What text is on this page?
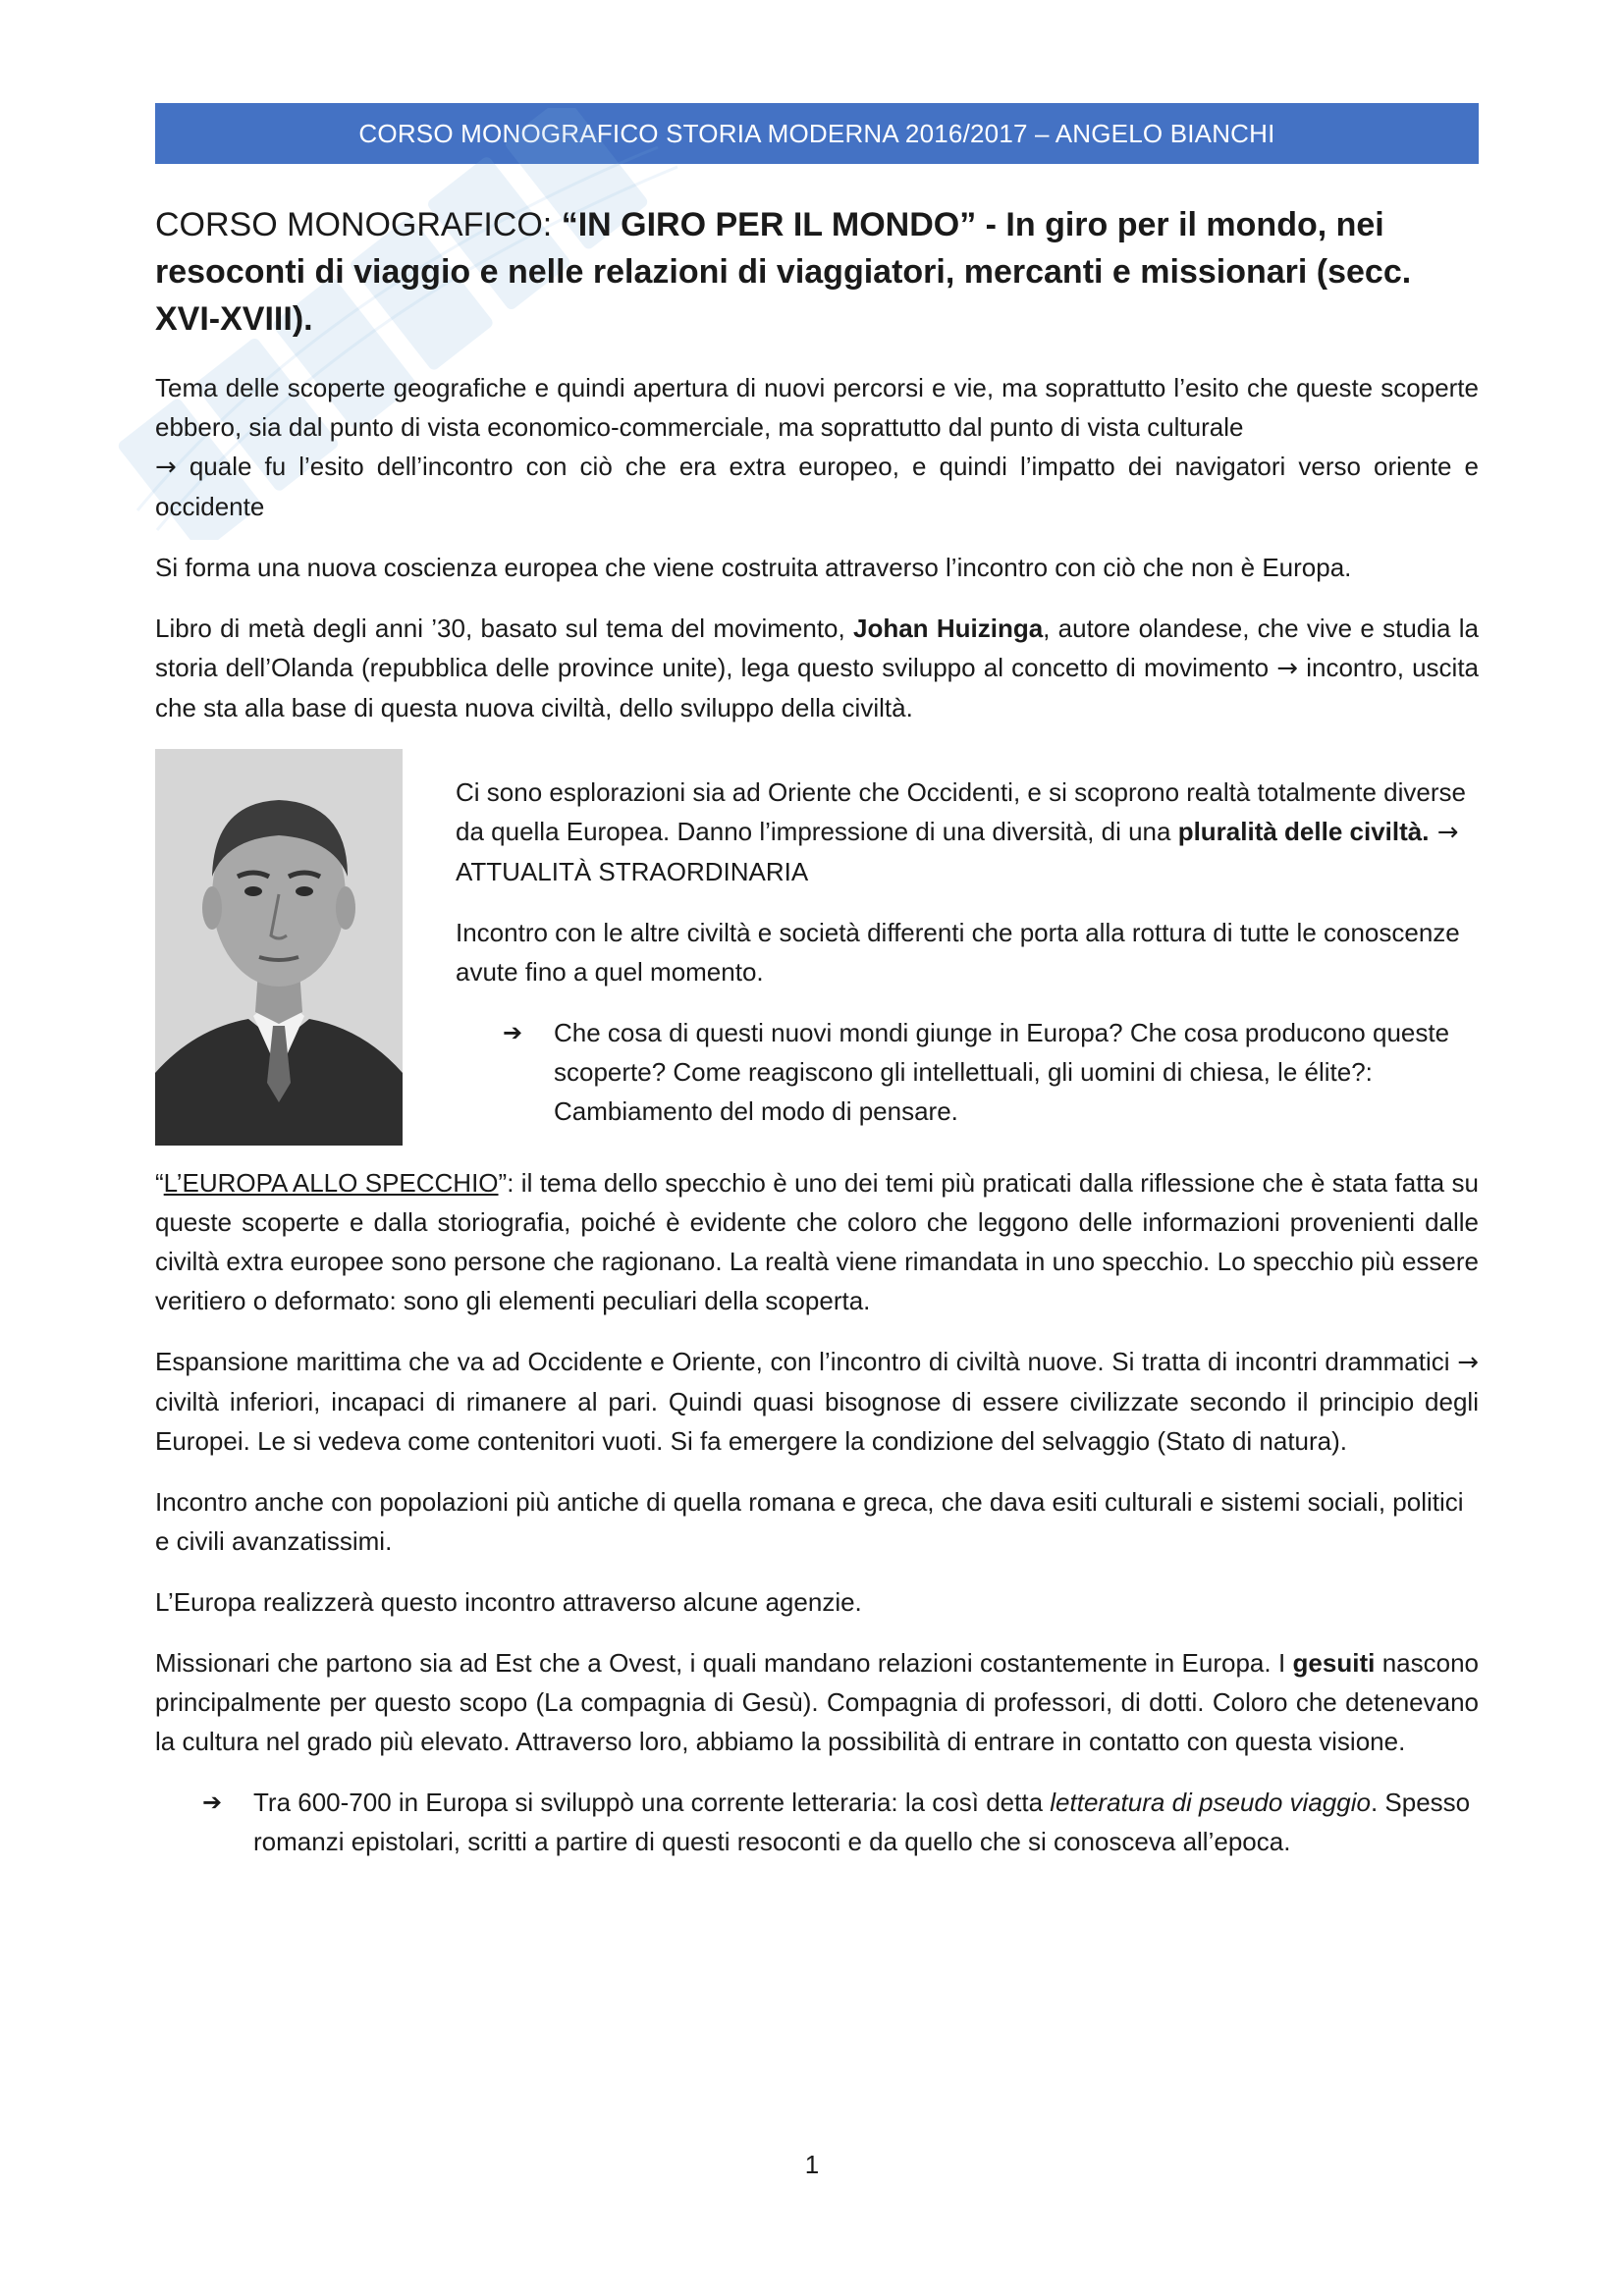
CORSO MONOGRAFICO STORIA MODERNA 2016/2017 – ANGELO BIANCHI
CORSO MONOGRAFICO: “IN GIRO PER IL MONDO” - In giro per il mondo, nei resoconti di viaggio e nelle relazioni di viaggiatori, mercanti e missionari (secc. XVI-XVIII).

Tema delle scoperte geografiche e quindi apertura di nuovi percorsi e vie, ma soprattutto l’esito che queste scoperte ebbero, sia dal punto di vista economico-commerciale, ma soprattutto dal punto di vista culturale
→ quale fu l’esito dell’incontro con ciò che era extra europeo, e quindi l’impatto dei navigatori verso oriente e occidente

Si forma una nuova coscienza europea che viene costruita attraverso l’incontro con ciò che non è Europa.

Libro di metà degli anni ’30, basato sul tema del movimento, Johan Huizinga, autore olandese, che vive e studia la storia dell’Olanda (repubblica delle province unite), lega questo sviluppo al concetto di movimento → incontro, uscita che sta alla base di questa nuova civiltà, dello sviluppo della civiltà.

Ci sono esplorazioni sia ad Oriente che Occidenti, e si scoprono realtà totalmente diverse da quella Europea. Danno l’impressione di una diversità, di una pluralità delle civiltà. → ATTUALITÀ STRAORDINARIA

Incontro con le altre civiltà e società differenti che porta alla rottura di tutte le conoscenze avute fino a quel momento.

➔ Che cosa di questi nuovi mondi giunge in Europa? Che cosa producono queste scoperte? Come reagiscono gli intellettuali, gli uomini di chiesa, le élite?: Cambiamento del modo di pensare.

“L’EUROPA ALLO SPECCHIO”: il tema dello specchio è uno dei temi più praticati dalla riflessione che è stata fatta su queste scoperte e dalla storiografia, poiché è evidente che coloro che leggono delle informazioni provenienti dalle civiltà extra europee sono persone che ragionano. La realtà viene rimandata in uno specchio. Lo specchio più essere veritiero o deformato: sono gli elementi peculiari della scoperta.

Espansione marittima che va ad Occidente e Oriente, con l’incontro di civiltà nuove. Si tratta di incontri drammatici → civiltà inferiori, incapaci di rimanere al pari. Quindi quasi bisognose di essere civilizzate secondo il principio degli Europei. Le si vedeva come contenitori vuoti. Si fa emergere la condizione del selvaggio (Stato di natura).

Incontro anche con popolazioni più antiche di quella romana e greca, che dava esiti culturali e sistemi sociali, politici e civili avanzatissimi.

L’Europa realizzerà questo incontro attraverso alcune agenzie.

Missionari che partono sia ad Est che a Ovest, i quali mandano relazioni costantemente in Europa. I gesuiti nascono principalmente per questo scopo (La compagnia di Gesù). Compagnia di professori, di dotti. Coloro che detenevano la cultura nel grado più elevato. Attraverso loro, abbiamo la possibilità di entrare in contatto con questa visione.

➔ Tra 600-700 in Europa si sviluppò una corrente letteraria: la così detta letteratura di pseudo viaggio. Spesso romanzi epistolari, scritti a partire di questi resoconti e da quello che si conosceva all’epoca.
1
